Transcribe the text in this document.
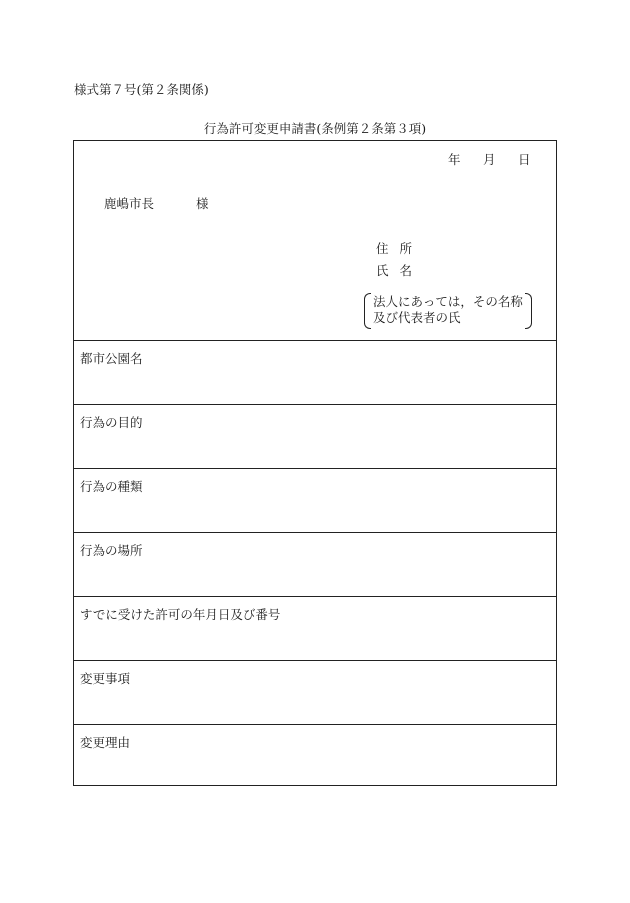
様式第７号(第２条関係)
行為許可変更申請書(条例第２条第３項)
年 月 日
鹿嶋市長	様
住所
氏名
法人にあっては，その名称及び代表者の氏
都市公園名
行為の目的
行為の種類
行為の場所
すでに受けた許可の年月日及び番号
変更事項
変更理由
